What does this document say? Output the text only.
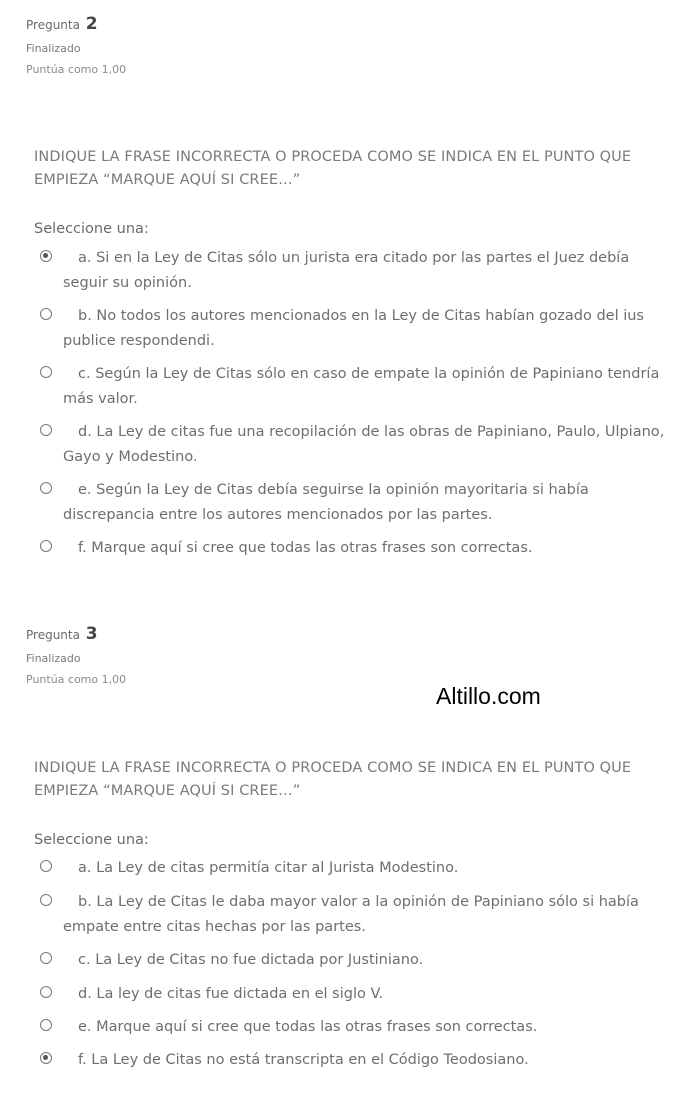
Pregunta 2
Finalizado
Puntúa como 1,00
INDIQUE LA FRASE INCORRECTA O PROCEDA COMO SE INDICA EN EL PUNTO QUE EMPIEZA “MARQUE AQUÍ SI CREE…”
Seleccione una:
a. Si en la Ley de Citas sólo un jurista era citado por las partes el Juez debía seguir su opinión.
b. No todos los autores mencionados en la Ley de Citas habían gozado del ius publice respondendi.
c. Según la Ley de Citas sólo en caso de empate la opinión de Papiniano tendría más valor.
d. La Ley de citas fue una recopilación de las obras de Papiniano, Paulo, Ulpiano, Gayo y Modestino.
e. Según la Ley de Citas debía seguirse la opinión mayoritaria si había discrepancia entre los autores mencionados por las partes.
f. Marque aquí si cree que todas las otras frases son correctas.
Pregunta 3
Finalizado
Puntúa como 1,00
Altillo.com
INDIQUE LA FRASE INCORRECTA O PROCEDA COMO SE INDICA EN EL PUNTO QUE EMPIEZA “MARQUE AQUÍ SI CREE…”
Seleccione una:
a. La Ley de citas permitía citar al Jurista Modestino.
b. La Ley de Citas le daba mayor valor a la opinión de Papiniano sólo si había empate entre citas hechas por las partes.
c. La Ley de Citas no fue dictada por Justiniano.
d. La ley de citas fue dictada en el siglo V.
e. Marque aquí si cree que todas las otras frases son correctas.
f. La Ley de Citas no está transcripta en el Código Teodosiano.
